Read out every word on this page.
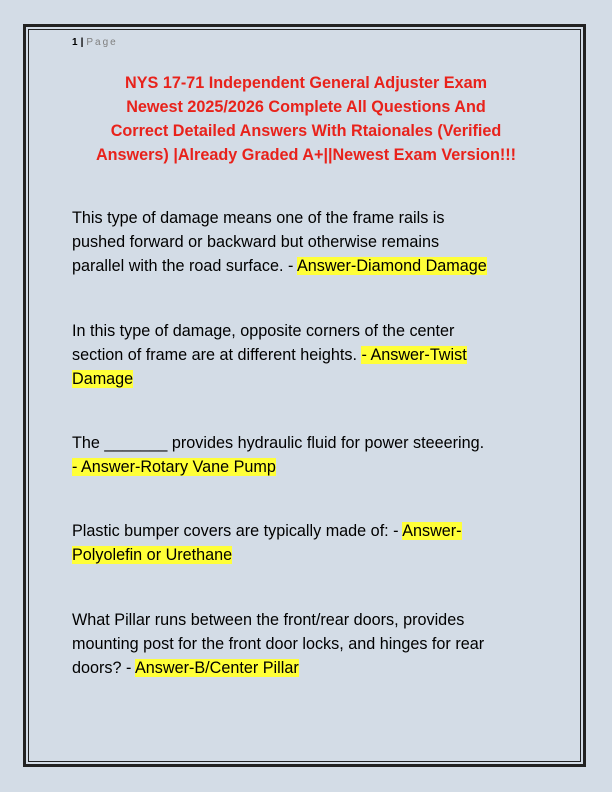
1 | Page
NYS 17-71 Independent General Adjuster Exam
Newest 2025/2026 Complete All Questions And
Correct Detailed Answers With Rtaionales (Verified
Answers) |Already Graded A+||Newest Exam Version!!!
This type of damage means one of the frame rails is
pushed forward or backward but otherwise remains
parallel with the road surface. - Answer-Diamond Damage
In this type of damage, opposite corners of the center
section of frame are at different heights. - Answer-Twist
Damage
The _______ provides hydraulic fluid for power steeering.
- Answer-Rotary Vane Pump
Plastic bumper covers are typically made of: - Answer-
Polyolefin or Urethane
What Pillar runs between the front/rear doors, provides
mounting post for the front door locks, and hinges for rear
doors? - Answer-B/Center Pillar
